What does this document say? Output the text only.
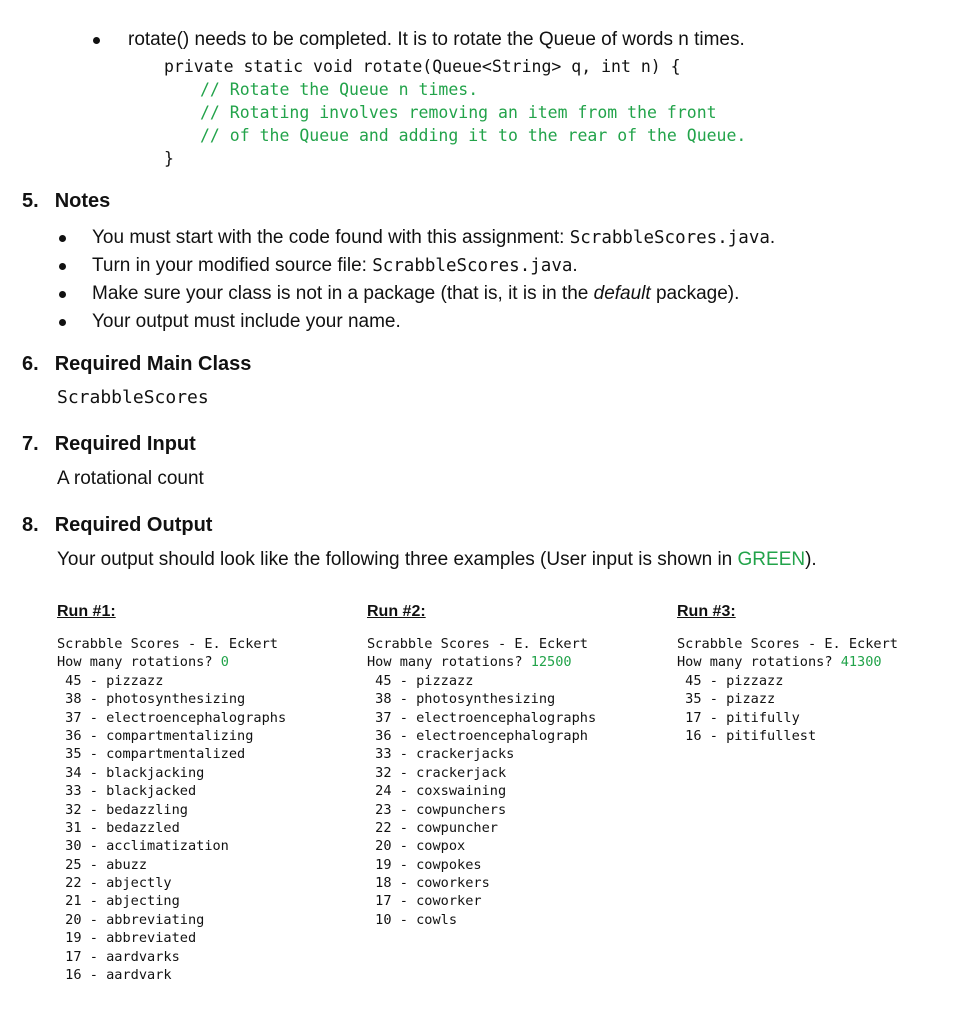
rotate() needs to be completed. It is to rotate the Queue of words n times.
private static void rotate(Queue<String> q, int n) {
// Rotate the Queue n times.
// Rotating involves removing an item from the front
// of the Queue and adding it to the rear of the Queue.
}
5. Notes
You must start with the code found with this assignment: ScrabbleScores.java.
Turn in your modified source file: ScrabbleScores.java.
Make sure your class is not in a package (that is, it is in the default package).
Your output must include your name.
6. Required Main Class
ScrabbleScores
7. Required Input
A rotational count
8. Required Output
Your output should look like the following three examples (User input is shown in GREEN).
Run #1:
Scrabble Scores - E. Eckert
How many rotations? 0
45 - pizzazz
38 - photosynthesizing
37 - electroencephalographs
36 - compartmentalizing
35 - compartmentalized
34 - blackjacking
33 - blackjacked
32 - bedazzling
31 - bedazzled
30 - acclimatization
25 - abuzz
22 - abjectly
21 - abjecting
20 - abbreviating
19 - abbreviated
17 - aardvarks
16 - aardvark
Run #2:
Scrabble Scores - E. Eckert
How many rotations? 12500
45 - pizzazz
38 - photosynthesizing
37 - electroencephalographs
36 - electroencephalograph
33 - crackerjacks
32 - crackerjack
24 - coxswaining
23 - cowpunchers
22 - cowpuncher
20 - cowpox
19 - cowpokes
18 - coworkers
17 - coworker
10 - cowls
Run #3:
Scrabble Scores - E. Eckert
How many rotations? 41300
45 - pizzazz
35 - pizazz
17 - pitifully
16 - pitifullest
